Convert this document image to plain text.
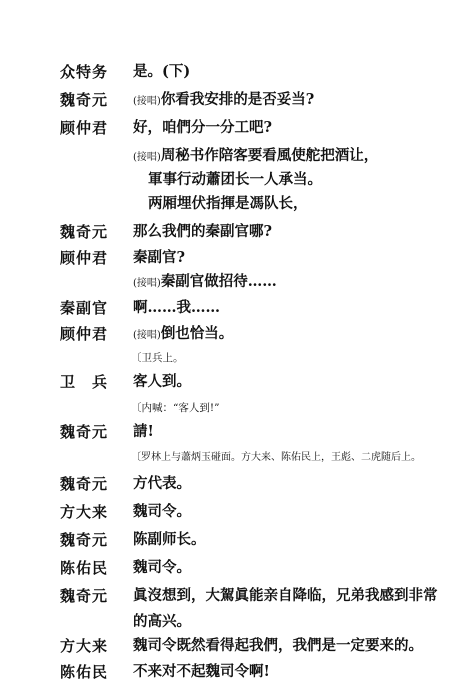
众特务	是。(下)
魏奇元	(接唱)你看我安排的是否妥当?
顾仲君	好，咱們分一分工吧?
(接唱)周秘书作陪客要看風使舵把酒让，
軍事行动蕭团长一人承当。
两厢埋伏指揮是馮队长，
魏奇元	那么我們的秦副官哪?
顾仲君	秦副官?
(接唱)秦副官做招待……
秦副官	啊……我……
顾仲君	(接唱)倒也恰当。
〔卫兵上。
卫　兵	客人到。
〔内喊：“客人到!”
魏奇元	請!
〔罗林上与蕭炳玉碰面。方大来、陈佑民上，王彪、二虎随后上。
魏奇元	方代表。
方大来	魏司令。
魏奇元	陈副师长。
陈佑民	魏司令。
魏奇元	眞沒想到，大駕眞能亲自降临，兄弟我感到非常
的高兴。
方大来	魏司令既然看得起我們，我們是一定要来的。
陈佑民	不来对不起魏司令啊!
